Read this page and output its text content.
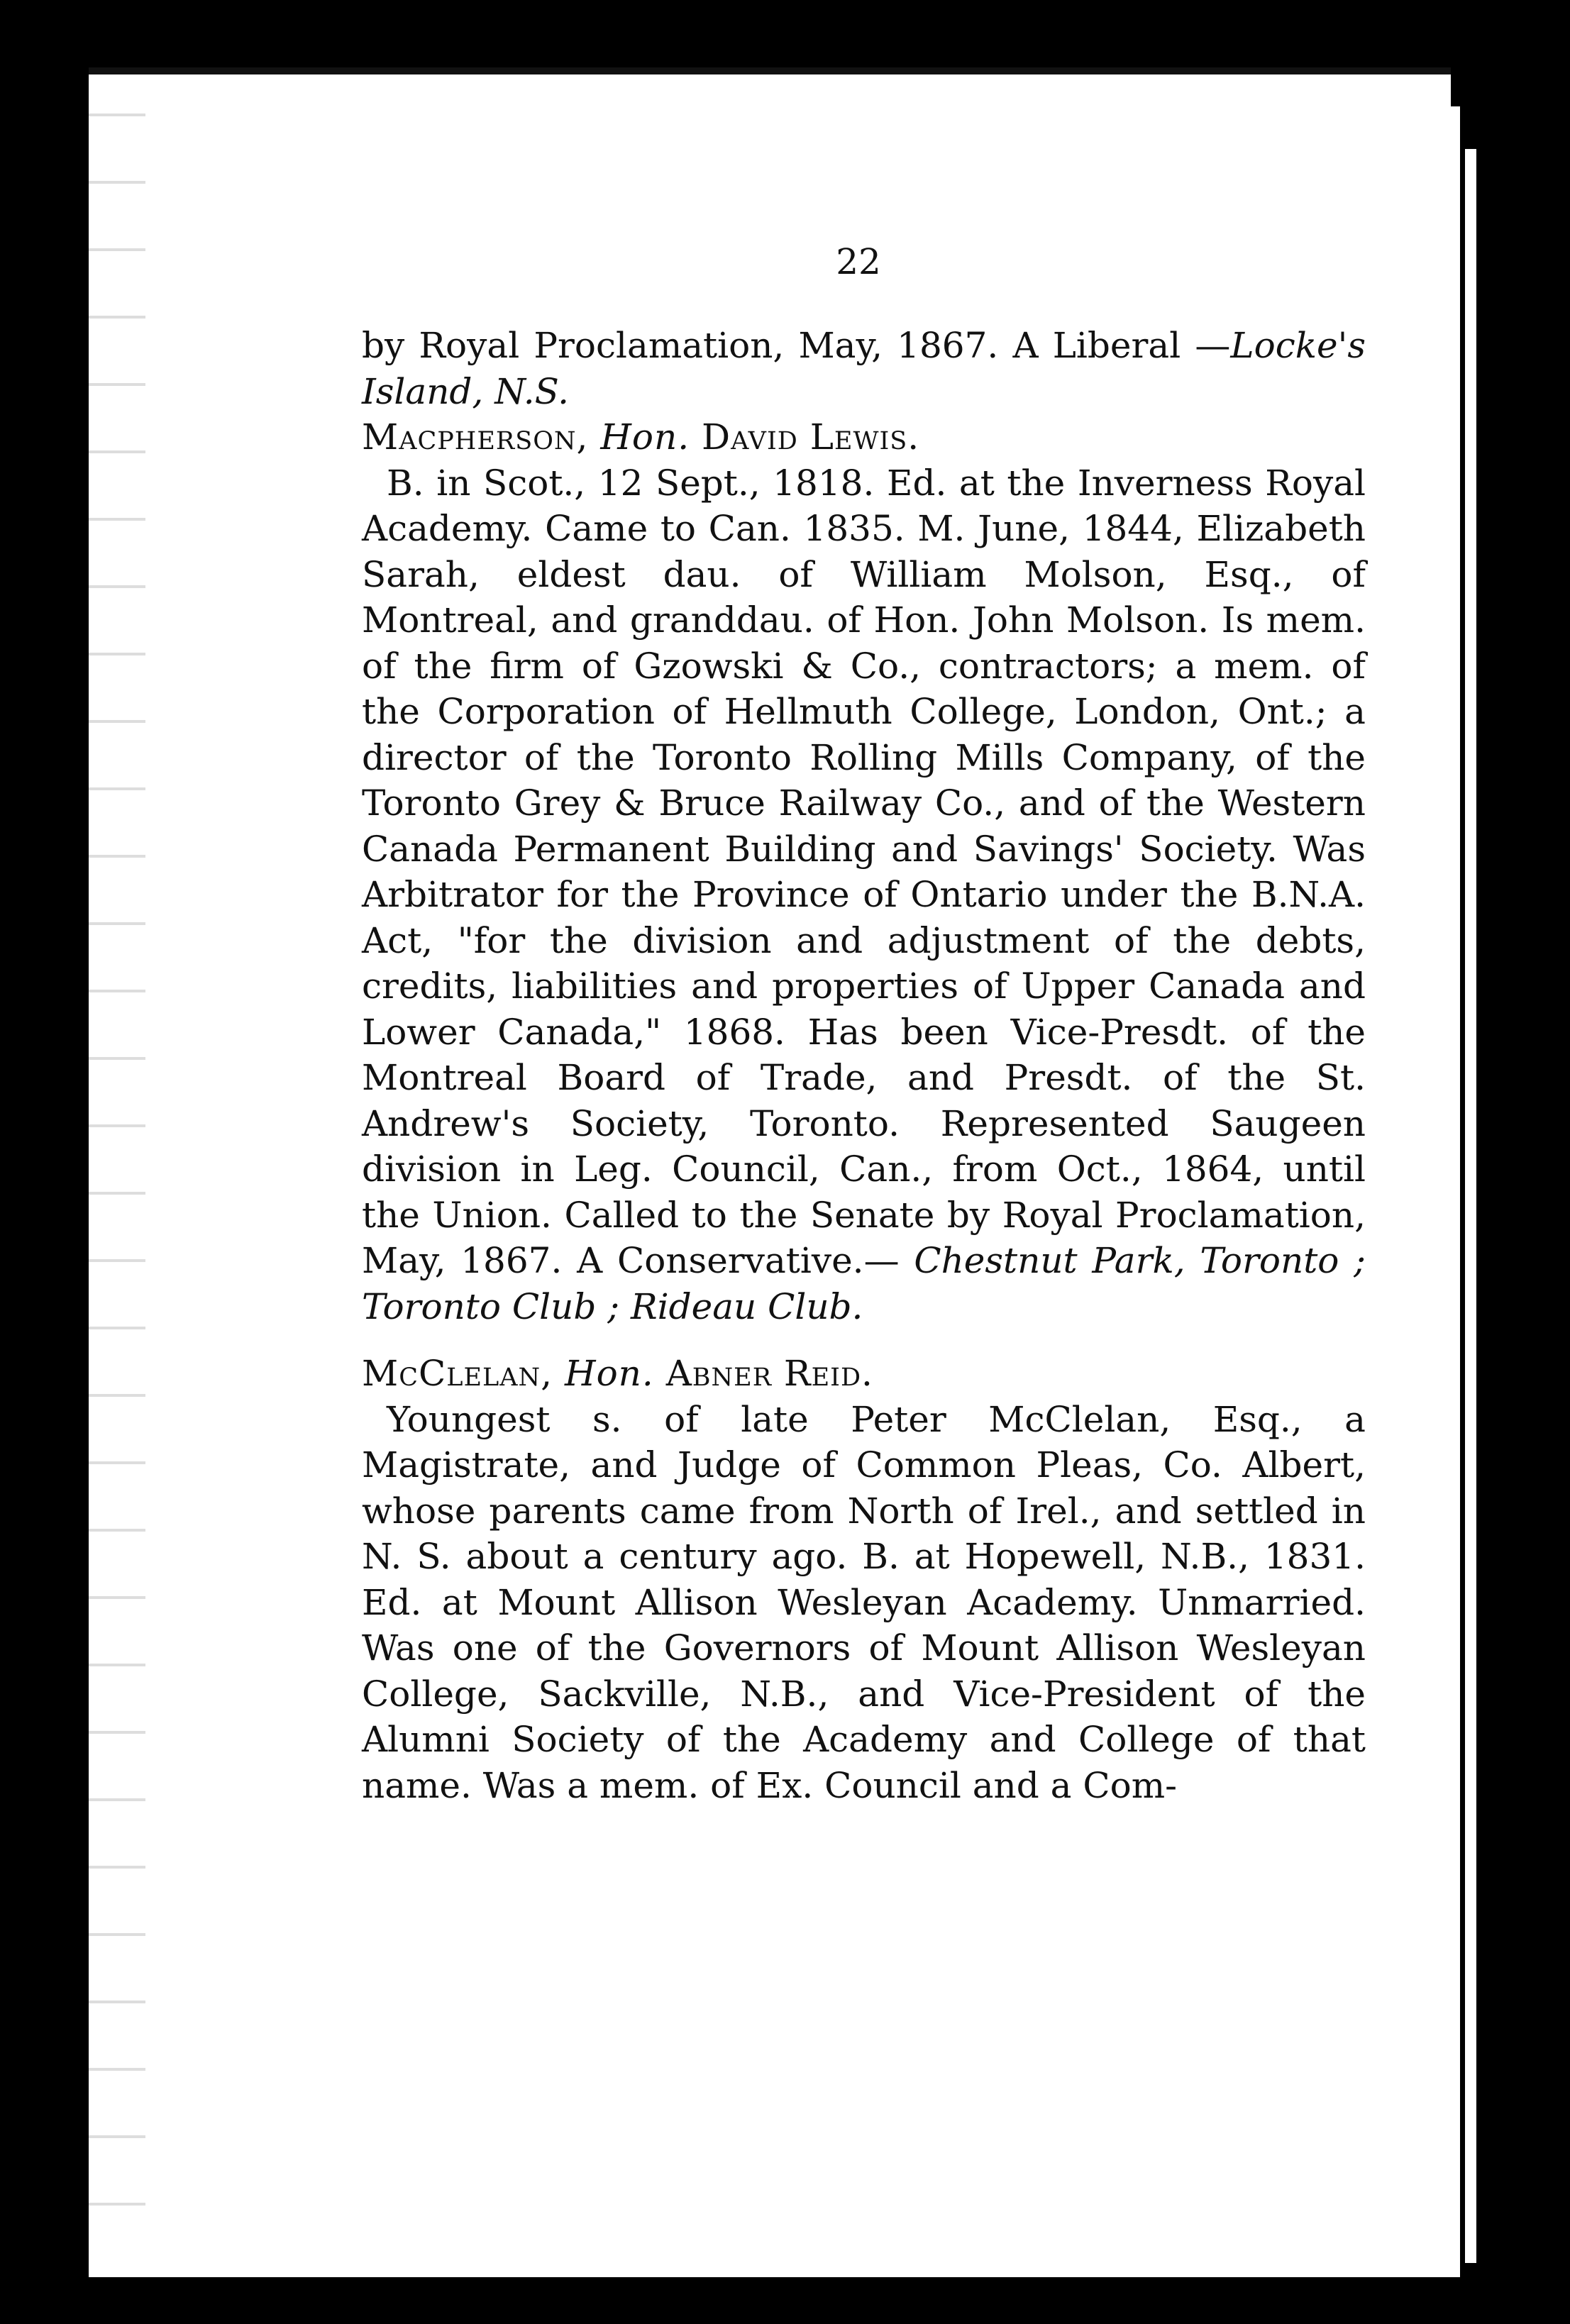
22

by Royal Proclamation, May, 1867. A Liberal —Locke's Island, N.S.

Macpherson, Hon. David Lewis.

B. in Scot., 12 Sept., 1818. Ed. at the Inverness Royal Academy. Came to Can. 1835. M. June, 1844, Elizabeth Sarah, eldest dau. of William Molson, Esq., of Montreal, and granddau. of Hon. John Molson. Is mem. of the firm of Gzowski & Co., contractors; a mem. of the Corporation of Hellmuth College, London, Ont.; a director of the Toronto Rolling Mills Company, of the Toronto Grey & Bruce Railway Co., and of the Western Canada Permanent Building and Savings' Society. Was Arbitrator for the Province of Ontario under the B.N.A. Act, "for the division and adjustment of the debts, credits, liabilities and properties of Upper Canada and Lower Canada," 1868. Has been Vice-Presdt. of the Montreal Board of Trade, and Presdt. of the St. Andrew's Society, Toronto. Represented Saugeen division in Leg. Council, Can., from Oct., 1864, until the Union. Called to the Senate by Royal Proclamation, May, 1867. A Conservative.— Chestnut Park, Toronto ; Toronto Club ; Rideau Club.

McClelan, Hon. Abner Reid.

Youngest s. of late Peter McClelan, Esq., a Magistrate, and Judge of Common Pleas, Co. Albert, whose parents came from North of Irel., and settled in N. S. about a century ago. B. at Hopewell, N.B., 1831. Ed. at Mount Allison Wesleyan Academy. Unmarried. Was one of the Governors of Mount Allison Wesleyan College, Sackville, N.B., and Vice-President of the Alumni Society of the Academy and College of that name. Was a mem. of Ex. Council and a Com-
